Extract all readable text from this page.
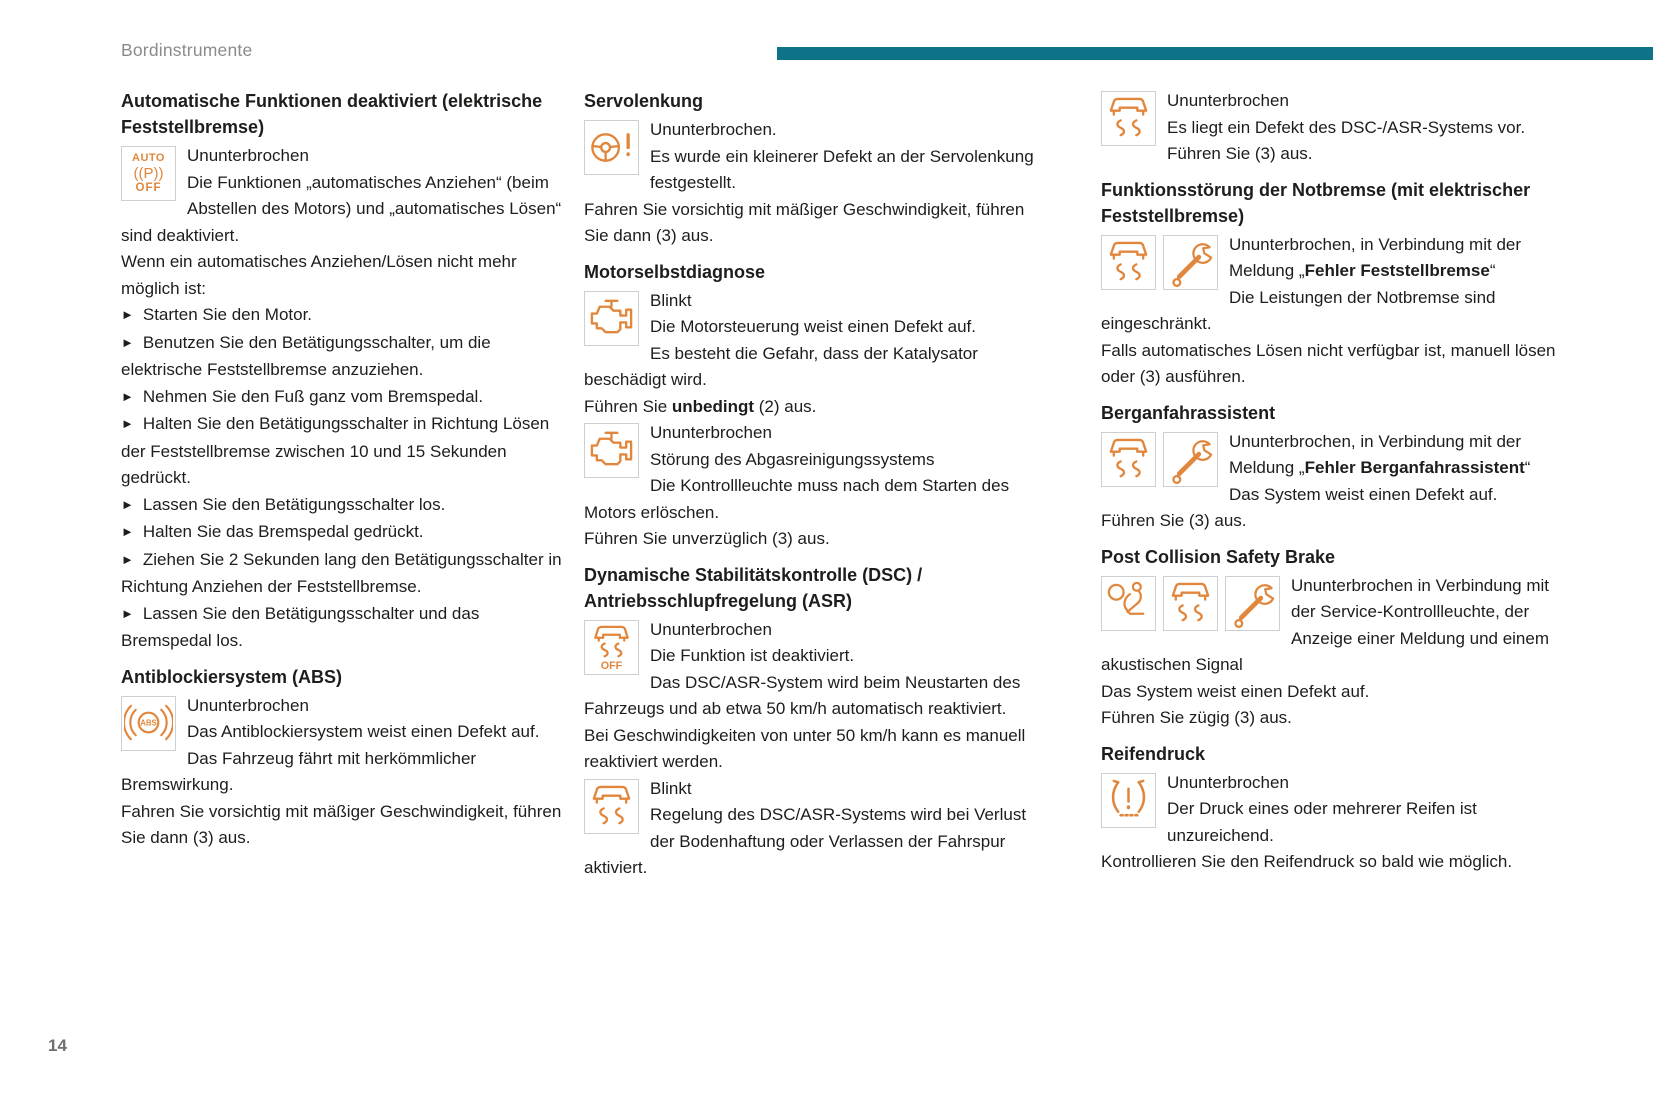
Bordinstrumente
Automatische Funktionen deaktiviert (elektrische Feststellbremse)

AUTO
((P))
OFF
Ununterbrochen
Die Funktionen „automatisches Anziehen“ (beim Abstellen des Motors) und „automatisches Lösen“ sind deaktiviert.
Wenn ein automatisches Anziehen/Lösen nicht mehr möglich ist:

► Starten Sie den Motor.

► Benutzen Sie den Betätigungsschalter, um die elektrische Feststellbremse anzuziehen.

► Nehmen Sie den Fuß ganz vom Bremspedal.

► Halten Sie den Betätigungsschalter in Richtung Lösen der Feststellbremse zwischen 10 und 15 Sekunden gedrückt.

► Lassen Sie den Betätigungsschalter los.

► Halten Sie das Bremspedal gedrückt.

► Ziehen Sie 2 Sekunden lang den Betätigungsschalter in Richtung Anziehen der Feststellbremse.

► Lassen Sie den Betätigungsschalter und das Bremspedal los.

Antiblockiersystem (ABS)

ABS
Ununterbrochen
Das Antiblockiersystem weist einen Defekt auf.
Das Fahrzeug fährt mit herkömmlicher Bremswirkung.
Fahren Sie vorsichtig mit mäßiger Geschwindigkeit, führen Sie dann (3) aus.

Servolenkung

Ununterbrochen.
Es wurde ein kleinerer Defekt an der Servolenkung festgestellt.
Fahren Sie vorsichtig mit mäßiger Geschwindigkeit, führen Sie dann (3) aus.

Motorselbstdiagnose

Blinkt
Die Motorsteuerung weist einen Defekt auf.
Es besteht die Gefahr, dass der Katalysator beschädigt wird.
Führen Sie unbedingt (2) aus.

Ununterbrochen
Störung des Abgasreinigungssystems
Die Kontrollleuchte muss nach dem Starten des Motors erlöschen.
Führen Sie unverzüglich (3) aus.

Dynamische Stabilitätskontrolle (DSC) / Antriebsschlupfregelung (ASR)

OFF
Ununterbrochen
Die Funktion ist deaktiviert.
Das DSC/ASR-System wird beim Neustarten des Fahrzeugs und ab etwa 50 km/h automatisch reaktiviert.
Bei Geschwindigkeiten von unter 50 km/h kann es manuell reaktiviert werden.

Blinkt
Regelung des DSC/ASR-Systems wird bei Verlust der Bodenhaftung oder Verlassen der Fahrspur aktiviert.

Ununterbrochen
Es liegt ein Defekt des DSC-/ASR-Systems vor.
Führen Sie (3) aus.

Funktionsstörung der Notbremse (mit elektrischer Feststellbremse)

Ununterbrochen, in Verbindung mit der Meldung „Fehler Feststellbremse“
Die Leistungen der Notbremse sind eingeschränkt.
Falls automatisches Lösen nicht verfügbar ist, manuell lösen oder (3) ausführen.

Berganfahrassistent

Ununterbrochen, in Verbindung mit der Meldung „Fehler Berganfahrassistent“
Das System weist einen Defekt auf.
Führen Sie (3) aus.

Post Collision Safety Brake

Ununterbrochen in Verbindung mit der Service-Kontrollleuchte, der Anzeige einer Meldung und einem akustischen Signal
Das System weist einen Defekt auf.
Führen Sie zügig (3) aus.

Reifendruck

Ununterbrochen
Der Druck eines oder mehrerer Reifen ist unzureichend.
Kontrollieren Sie den Reifendruck so bald wie möglich.

14
